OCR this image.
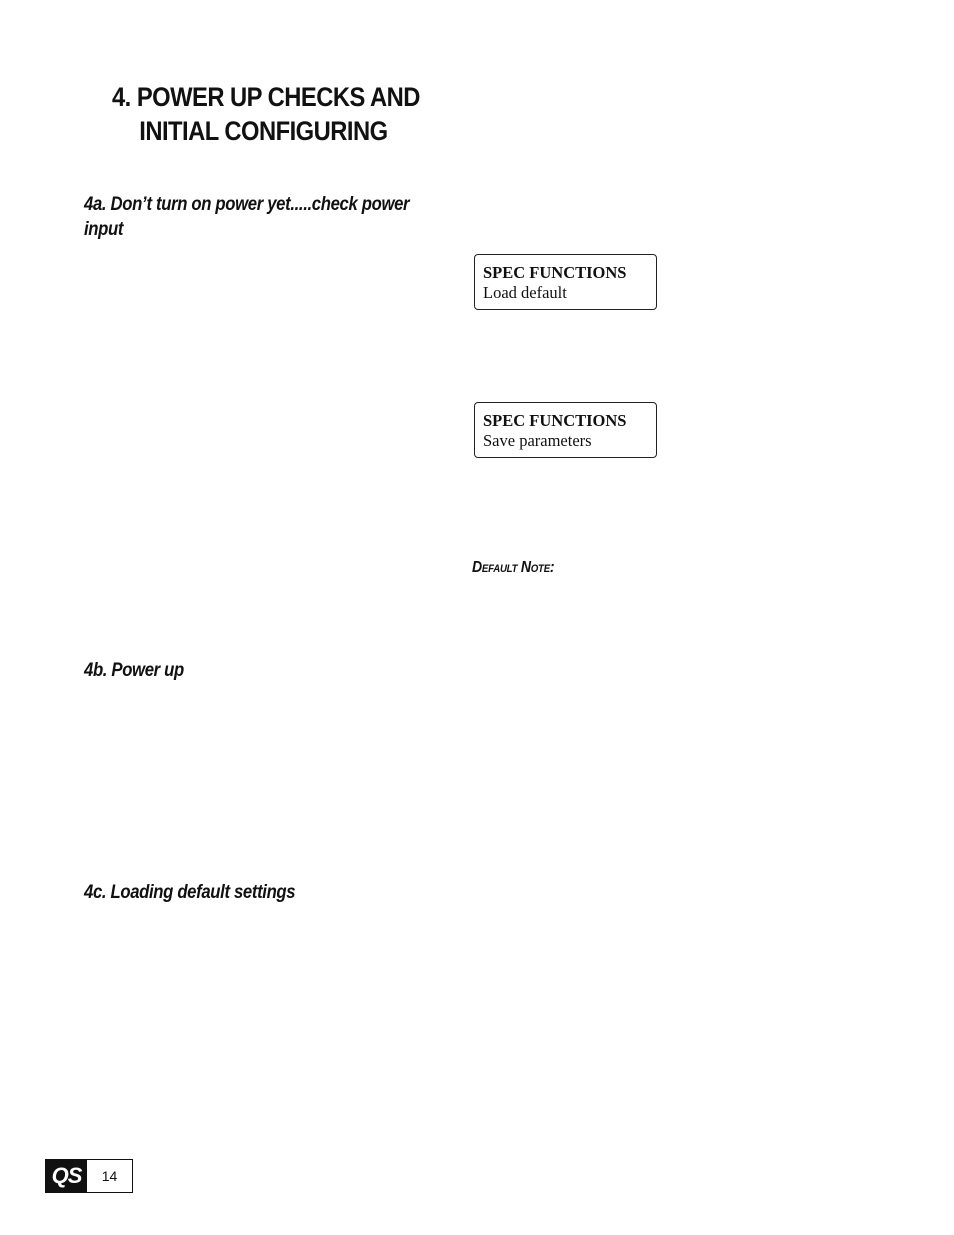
4. POWER UP CHECKS AND
INITIAL CONFIGURING
4a. Don’t turn on power yet.....check power input
SPEC FUNCTIONS
Load default
SPEC FUNCTIONS
Save parameters
Default Note:
4b. Power up
4c. Loading default settings
QS	14
